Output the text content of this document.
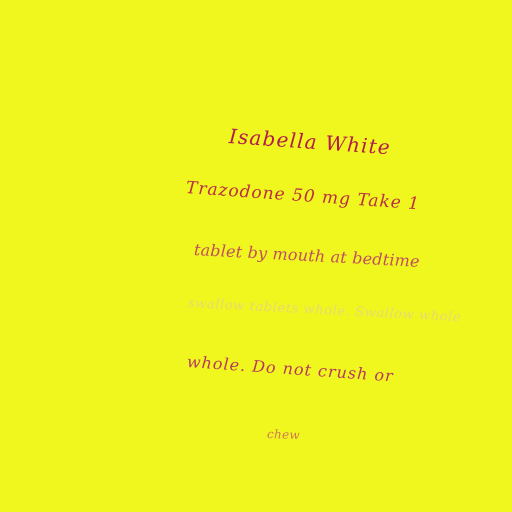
Isabella White
Trazodone 50 mg Take 1
tablet by mouth at bedtime
swallow tablets whole. Swallow whole
whole. Do not crush or
chew
